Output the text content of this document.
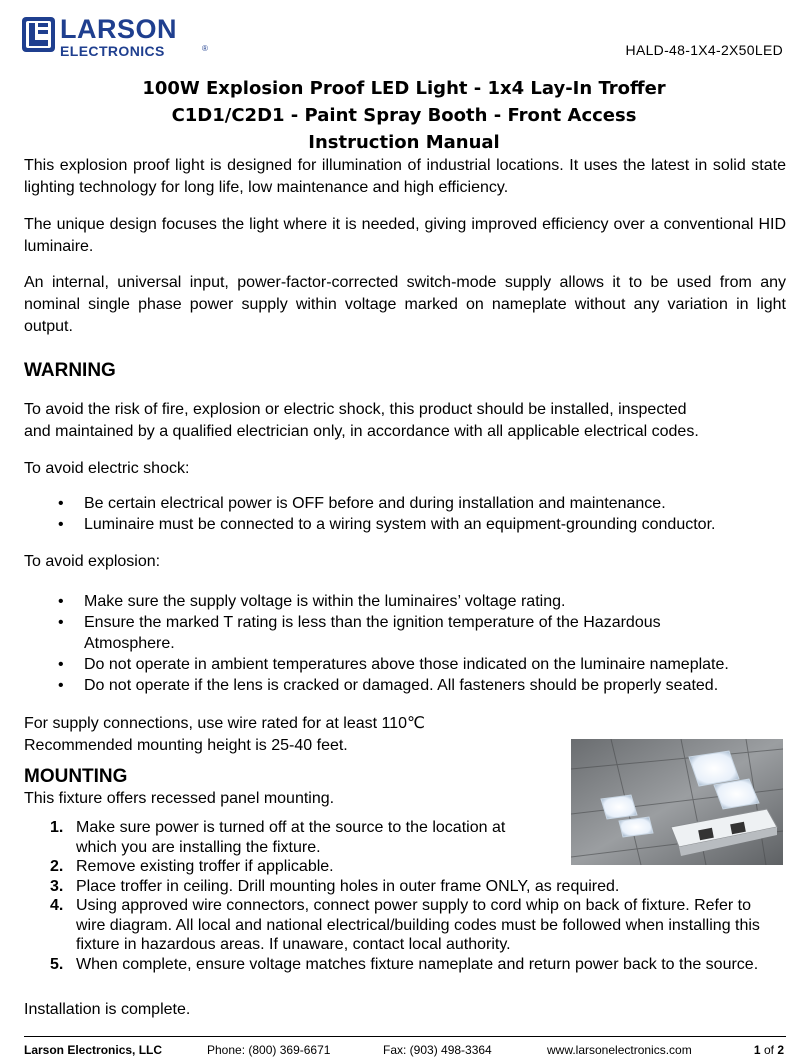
LARSON
ELECTRONICS	®	HALD-48-1X4-2X50LED

100W Explosion Proof LED Light - 1x4 Lay-In Troffer

C1D1/C2D1 - Paint Spray Booth - Front Access

Instruction Manual

This explosion proof light is designed for illumination of industrial locations. It uses the latest in solid state lighting technology for long life, low maintenance and high efficiency.

The unique design focuses the light where it is needed, giving improved efficiency over a conventional HID luminaire.

An internal, universal input, power-factor-corrected switch-mode supply allows it to be used from any nominal single phase power supply within voltage marked on nameplate without any variation in light output.

WARNING
To avoid the risk of fire, explosion or electric shock, this product should be installed, inspected
and maintained by a qualified electrician only, in accordance with all applicable electrical codes.
To avoid electric shock:
• Be certain electrical power is OFF before and during installation and maintenance.
• Luminaire must be connected to a wiring system with an equipment-grounding conductor.
To avoid explosion:
• Make sure the supply voltage is within the luminaires’ voltage rating.
• Ensure the marked T rating is less than the ignition temperature of the Hazardous Atmosphere.
• Do not operate in ambient temperatures above those indicated on the luminaire nameplate.
• Do not operate if the lens is cracked or damaged. All fasteners should be properly seated.
For supply connections, use wire rated for at least 110℃
Recommended mounting height is 25-40 feet.
MOUNTING
This fixture offers recessed panel mounting.
1. Make sure power is turned off at the source to the location at which you are installing the fixture.
2. Remove existing troffer if applicable.
3. Place troffer in ceiling. Drill mounting holes in outer frame ONLY, as required.
4. Using approved wire connectors, connect power supply to cord whip on back of fixture. Refer to wire diagram. All local and national electrical/building codes must be followed when installing this fixture in hazardous areas. If unaware, contact local authority.
5. When complete, ensure voltage matches fixture nameplate and return power back to the source.
Installation is complete.
Larson Electronics, LLC	Phone: (800) 369-6671	Fax: (903) 498-3364	www.larsonelectronics.com	1 of 2
